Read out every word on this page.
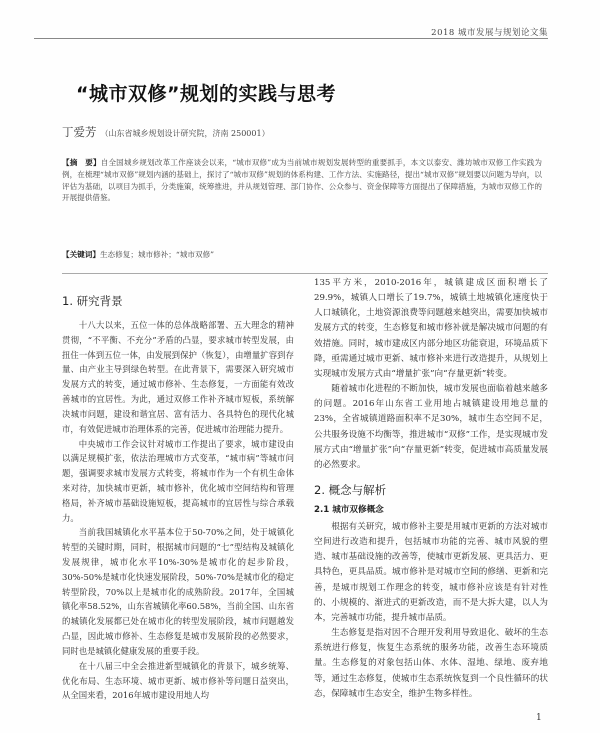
2018 城市发展与规划论文集
“城市双修”规划的实践与思考
丁爱芳 （山东省城乡规划设计研究院，济南 250001）
【摘　要】自全国城乡规划改革工作座谈会以来，“城市双修”成为当前城市规划发展转型的重要抓手，本文以泰安、潍坊城市双修工作实践为例，在梳理“城市双修”规划内涵的基础上，探讨了“城市双修”规划的体系构建、工作方法、实施路径，提出“城市双修”规划要以问题为导向，以评估为基础，以项目为抓手，分类施策，统筹推进，并从规划管理、部门协作、公众参与、资金保障等方面提出了保障措施，为城市双修工作的开展提供借鉴。
【关键词】生态修复；城市修补；“城市双修”
1. 研究背景

十八大以来，五位一体的总体战略部署、五大理念的精神贯彻，“不平衡、不充分”矛盾的凸显，要求城市转型发展，由扭住一体到五位一体，由发展到保护（恢复），由增量扩容到存量、由产业主导到绿色转型。在此背景下，需要深入研究城市发展方式的转变，通过城市修补、生态修复，一方面能有效改善城市的宜居性。为此，通过双修工作补齐城市短板，系统解决城市问题，建设和谐宜居、富有活力、各具特色的现代化城市，有效促进城市治理体系的完善，促进城市治理能力提升。

中央城市工作会议针对城市工作提出了要求，城市建设由以满足规模扩张，依法治理城市方式变革，“城市病”等城市问题，强调要求城市发展方式转变，将城市作为一个有机生命体来对待，加快城市更新，城市修补，优化城市空间结构和管理格局，补齐城市基础设施短板，提高城市的宜居性与综合承载力。

当前我国城镇化水平基本位于50-70%之间，处于城镇化转型的关键时期，同时，根据城市问题的“七”型结构及城镇化发展规律，城市化水平10%-30%是城市化的起步阶段，30%-50%是城市化快速发展阶段，50%-70%是城市化的稳定转型阶段，70%以上是城市化的成熟阶段。2017年，全国城镇化率58.52%，山东省城镇化率60.58%，当前全国、山东省的城镇化发展都已处在城市化的转型发展阶段，城市问题越发凸显，因此城市修补、生态修复是城市发展阶段的必然要求，同时也是城镇化健康发展的重要手段。

在十八届三中全会推进新型城镇化的背景下，城乡统筹、优化布局、生态环境、城市更新、城市修补等问题日益突出，从全国来看，2016年城市建设用地人均

135平方米，2010-2016年，城镇建成区面积增长了29.9%，城镇人口增长了19.7%，城镇土地城镇化速度快于人口城镇化，土地资源浪费等问题越来越突出，需要加快城市发展方式的转变，生态修复和城市修补就是解决城市问题的有效措施。同时，城市建成区内部分地区功能衰退，环境品质下降，亟需通过城市更新、城市修补来进行改造提升，从规划上实现城市发展方式由“增量扩张”向“存量更新”转变。

随着城市化进程的不断加快，城市发展也面临着越来越多的问题。2016年山东省工业用地占城镇建设用地总量的23%，全省城镇道路面积率不足30%，城市生态空间不足，公共服务设施不均衡等，推进城市“双修”工作，是实现城市发展方式由“增量扩张”向“存量更新”转变，促进城市高质量发展的必然要求。

2. 概念与解析
2.1 城市双修概念

根据有关研究，城市修补主要是用城市更新的方法对城市空间进行改造和提升，包括城市功能的完善、城市风貌的塑造、城市基础设施的改善等，使城市更新发展、更具活力、更具特色，更具品质。城市修补是对城市空间的修缮、更新和完善，是城市规划工作理念的转变，城市修补应该是有针对性的、小规模的、渐进式的更新改造，而不是大拆大建，以人为本，完善城市功能，提升城市品质。

生态修复是指对因不合理开发利用导致退化、破坏的生态系统进行修复，恢复生态系统的服务功能，改善生态环境质量。生态修复的对象包括山体、水体、湿地、绿地、废弃地等，通过生态修复，使城市生态系统恢复到一个良性循环的状态，保障城市生态安全，维护生物多样性。

1
